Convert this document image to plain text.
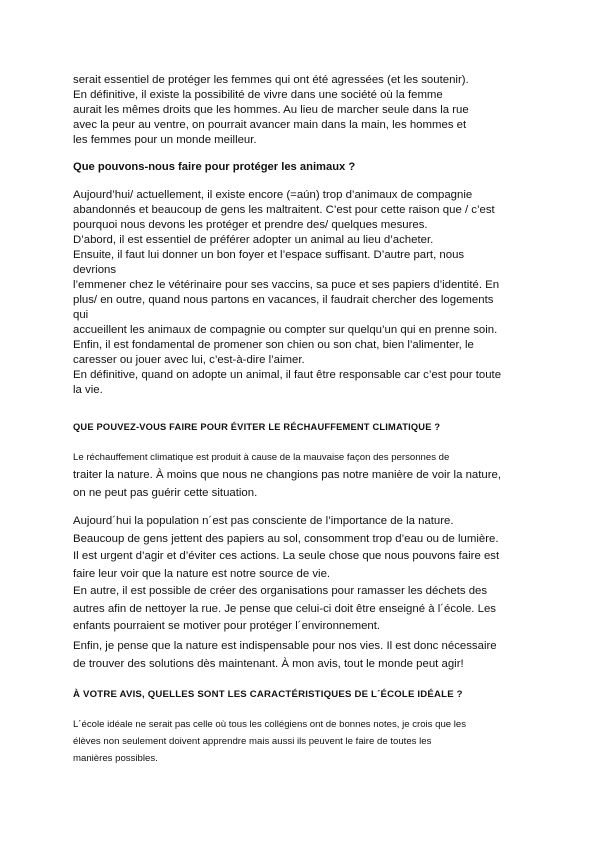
serait essentiel de protéger les femmes qui ont été agressées (et les soutenir).
En définitive, il existe la possibilité de vivre dans une société où la femme
aurait les mêmes droits que les hommes. Au lieu de marcher seule dans la rue
avec la peur au ventre, on pourrait avancer main dans la main, les hommes et
les femmes pour un monde meilleur.
Que pouvons-nous faire pour protéger les animaux ?
Aujourd’hui/ actuellement, il existe encore (=aún) trop d’animaux de compagnie
abandonnés et beaucoup de gens les maltraitent. C’est pour cette raison que / c’est
pourquoi nous devons les protéger et prendre des/ quelques mesures.
D’abord, il est essentiel de préférer adopter un animal au lieu d’acheter.
Ensuite, il faut lui donner un bon foyer et l’espace suffisant. D’autre part, nous
devrions
l’emmener chez le vétérinaire pour ses vaccins, sa puce et ses papiers d’identité. En
plus/ en outre, quand nous partons en vacances, il faudrait chercher des logements
qui
accueillent les animaux de compagnie ou compter sur quelqu’un qui en prenne soin.
Enfin, il est fondamental de promener son chien ou son chat, bien l’alimenter, le
caresser ou jouer avec lui, c’est-à-dire l’aimer.
En définitive, quand on adopte un animal, il faut être responsable car c’est pour toute
la vie.
QUE POUVEZ-VOUS FAIRE POUR ÉVITER LE RÉCHAUFFEMENT CLIMATIQUE ?
Le réchauffement climatique est produit à cause de la mauvaise façon des personnes de
traiter la nature. À moins que nous ne changions pas notre manière de voir la nature,
on ne peut pas guérir cette situation.
Aujourd´hui la population n´est pas consciente de l’importance de la nature.
Beaucoup de gens jettent des papiers au sol, consomment trop d’eau ou de lumière.
Il est urgent d’agir et d’éviter ces actions. La seule chose que nous pouvons faire est
faire leur voir que la nature est notre source de vie.
En autre, il est possible de créer des organisations pour ramasser les déchets des
autres afin de nettoyer la rue. Je pense que celui-ci doit être enseigné à l´école. Les
enfants pourraient se motiver pour protéger l´environnement.
Enfin, je pense que la nature est indispensable pour nos vies. Il est donc nécessaire
de trouver des solutions dès maintenant. À mon avis, tout le monde peut agir!
À VOTRE AVIS, QUELLES SONT LES CARACTÉRISTIQUES DE L´ÉCOLE IDÉALE ?
L´école idéale ne serait pas celle où tous les collégiens ont de bonnes notes, je crois que les
élèves non seulement doivent apprendre mais aussi ils peuvent le faire de toutes les
manières possibles.
